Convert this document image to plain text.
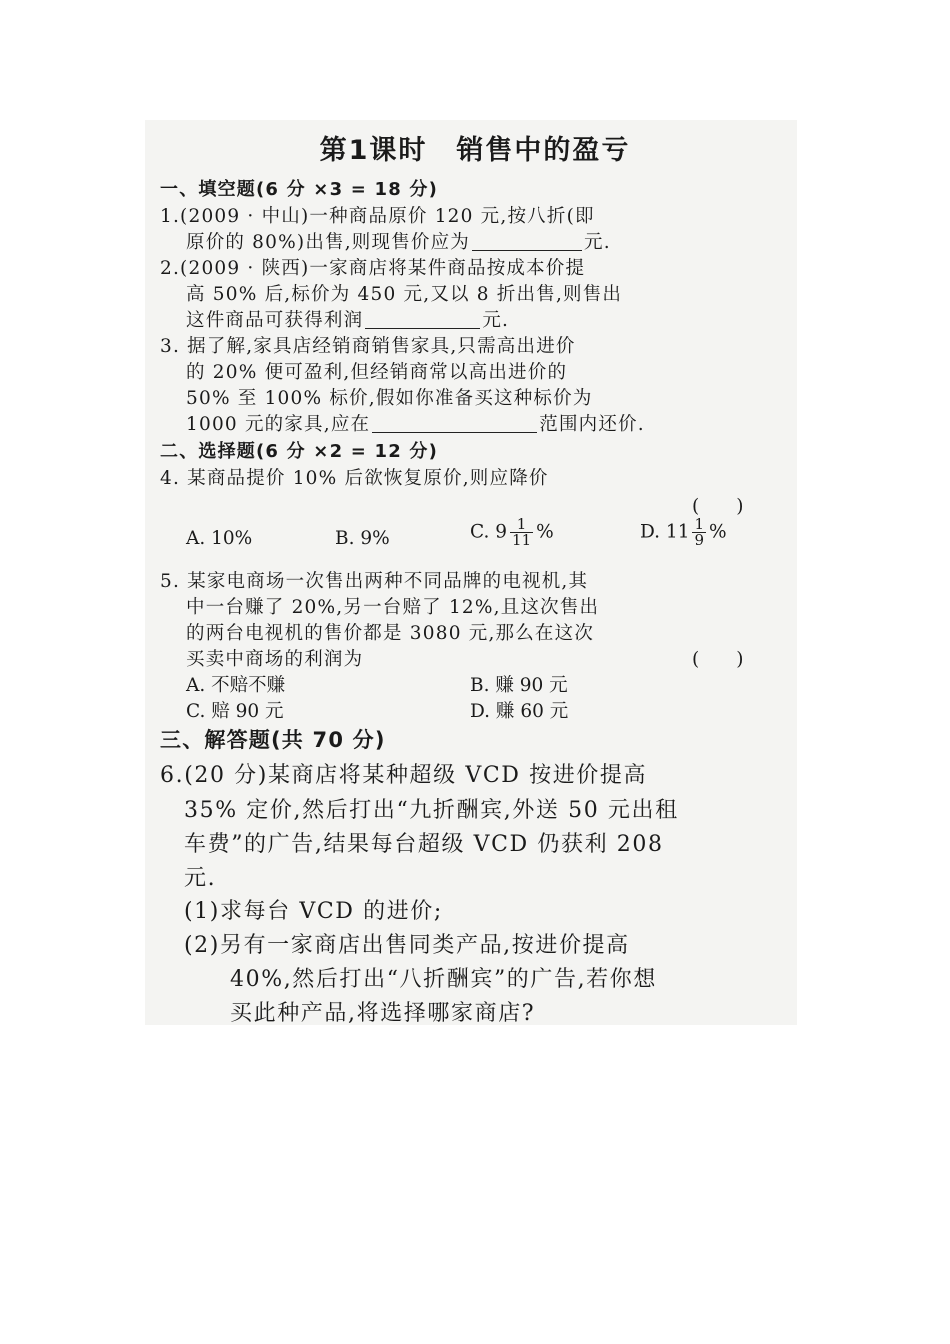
第1课时　销售中的盈亏
一、填空题(6 分 ×3 = 18 分)
1.(2009 · 中山)一种商品原价 120 元,按八折(即
原价的 80%)出售,则现售价应为	元.
2.(2009 · 陕西)一家商店将某件商品按成本价提
高 50% 后,标价为 450 元,又以 8 折出售,则售出
这件商品可获得利润	元.
3. 据了解,家具店经销商销售家具,只需高出进价
的 20% 便可盈利,但经销商常以高出进价的
50% 至 100% 标价,假如你准备买这种标价为
1000 元的家具,应在	范围内还价.
二、选择题(6 分 ×2 = 12 分)
4. 某商品提价 10% 后欲恢复原价,则应降价
(　　)
A. 10%	B. 9%	C. $9 \frac{1}{11}$ %	D. $11 \frac{1}{9}$ %
5. 某家电商场一次售出两种不同品牌的电视机,其
中一台赚了 20%,另一台赔了 12%,且这次售出
的两台电视机的售价都是 3080 元,那么在这次
买卖中商场的利润为	(　　)
A. 不赔不赚	B. 赚 90 元
C. 赔 90 元	D. 赚 60 元
三、解答题(共 70 分)
6.(20 分)某商店将某种超级 VCD 按进价提高
35% 定价,然后打出“九折酬宾,外送 50 元出租
车费”的广告,结果每台超级 VCD 仍获利 208
元.
(1)求每台 VCD 的进价;
(2)另有一家商店出售同类产品,按进价提高
40%,然后打出“八折酬宾”的广告,若你想
买此种产品,将选择哪家商店?
